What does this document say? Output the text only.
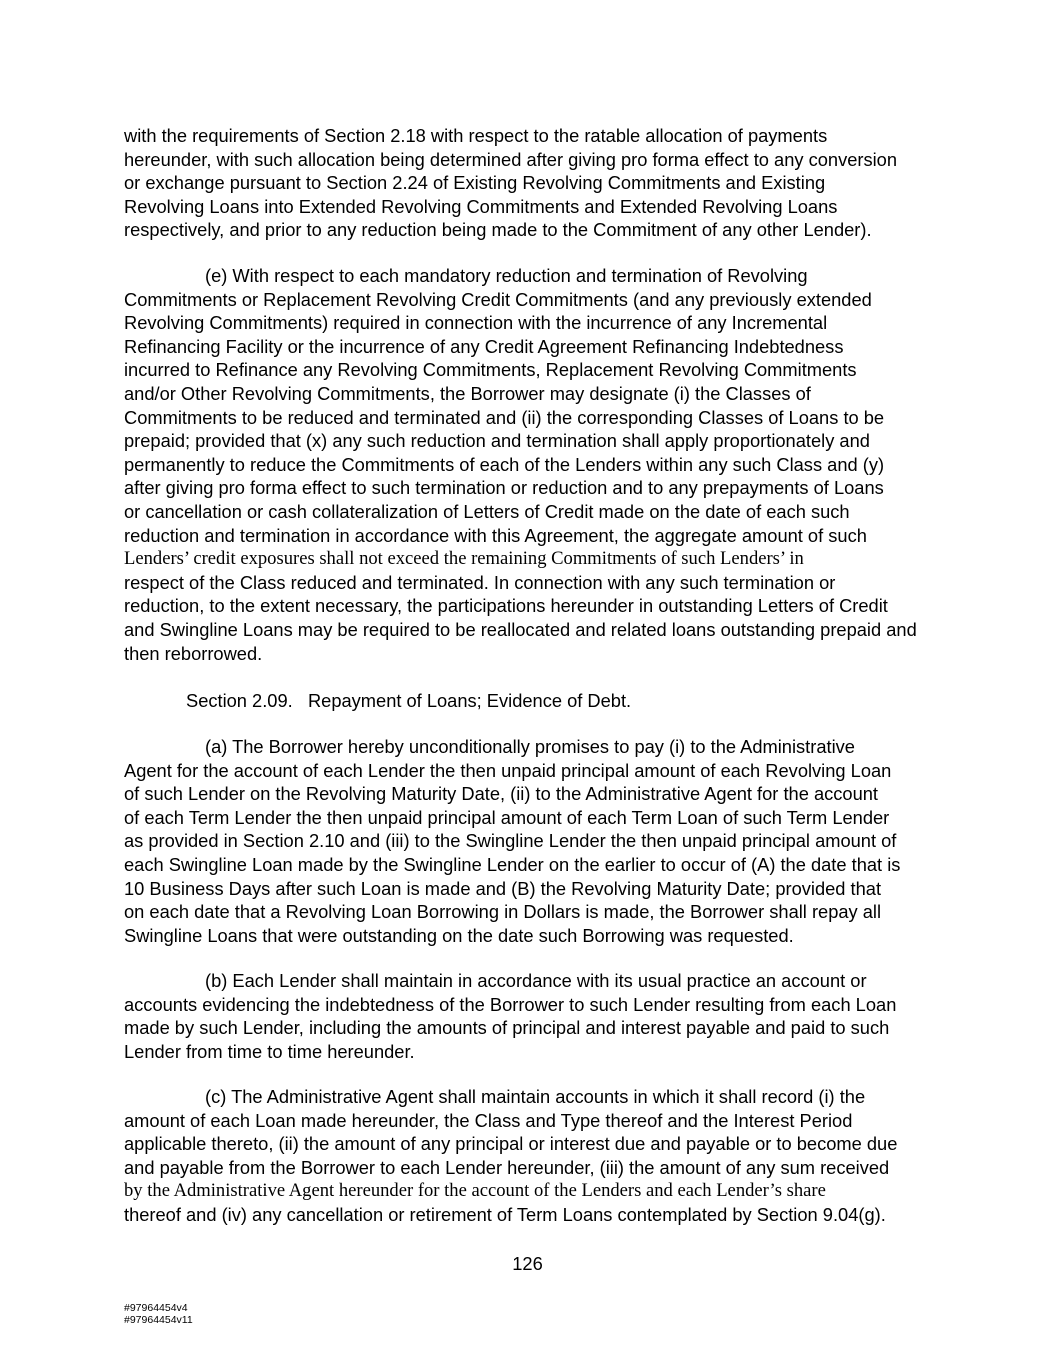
with the requirements of Section 2.18 with respect to the ratable allocation of payments
hereunder, with such allocation being determined after giving pro forma effect to any conversion
or exchange pursuant to Section 2.24 of Existing Revolving Commitments and Existing
Revolving Loans into Extended Revolving Commitments and Extended Revolving Loans
respectively, and prior to any reduction being made to the Commitment of any other Lender).

(e) With respect to each mandatory reduction and termination of Revolving
Commitments or Replacement Revolving Credit Commitments (and any previously extended
Revolving Commitments) required in connection with the incurrence of any Incremental
Refinancing Facility or the incurrence of any Credit Agreement Refinancing Indebtedness
incurred to Refinance any Revolving Commitments, Replacement Revolving Commitments
and/or Other Revolving Commitments, the Borrower may designate (i) the Classes of
Commitments to be reduced and terminated and (ii) the corresponding Classes of Loans to be
prepaid; provided that (x) any such reduction and termination shall apply proportionately and
permanently to reduce the Commitments of each of the Lenders within any such Class and (y)
after giving pro forma effect to such termination or reduction and to any prepayments of Loans
or cancellation or cash collateralization of Letters of Credit made on the date of each such
reduction and termination in accordance with this Agreement, the aggregate amount of such
Lenders’ credit exposures shall not exceed the remaining Commitments of such Lenders’ in
respect of the Class reduced and terminated. In connection with any such termination or
reduction, to the extent necessary, the participations hereunder in outstanding Letters of Credit
and Swingline Loans may be required to be reallocated and related loans outstanding prepaid and
then reborrowed.

Section 2.09.   Repayment of Loans; Evidence of Debt.

(a) The Borrower hereby unconditionally promises to pay (i) to the Administrative
Agent for the account of each Lender the then unpaid principal amount of each Revolving Loan
of such Lender on the Revolving Maturity Date, (ii) to the Administrative Agent for the account
of each Term Lender the then unpaid principal amount of each Term Loan of such Term Lender
as provided in Section 2.10 and (iii) to the Swingline Lender the then unpaid principal amount of
each Swingline Loan made by the Swingline Lender on the earlier to occur of (A) the date that is
10 Business Days after such Loan is made and (B) the Revolving Maturity Date; provided that
on each date that a Revolving Loan Borrowing in Dollars is made, the Borrower shall repay all
Swingline Loans that were outstanding on the date such Borrowing was requested.

(b) Each Lender shall maintain in accordance with its usual practice an account or
accounts evidencing the indebtedness of the Borrower to such Lender resulting from each Loan
made by such Lender, including the amounts of principal and interest payable and paid to such
Lender from time to time hereunder.

(c) The Administrative Agent shall maintain accounts in which it shall record (i) the
amount of each Loan made hereunder, the Class and Type thereof and the Interest Period
applicable thereto, (ii) the amount of any principal or interest due and payable or to become due
and payable from the Borrower to each Lender hereunder, (iii) the amount of any sum received
by the Administrative Agent hereunder for the account of the Lenders and each Lender’s share
thereof and (iv) any cancellation or retirement of Term Loans contemplated by Section 9.04(g).

126

#97964454v4
#97964454v11
